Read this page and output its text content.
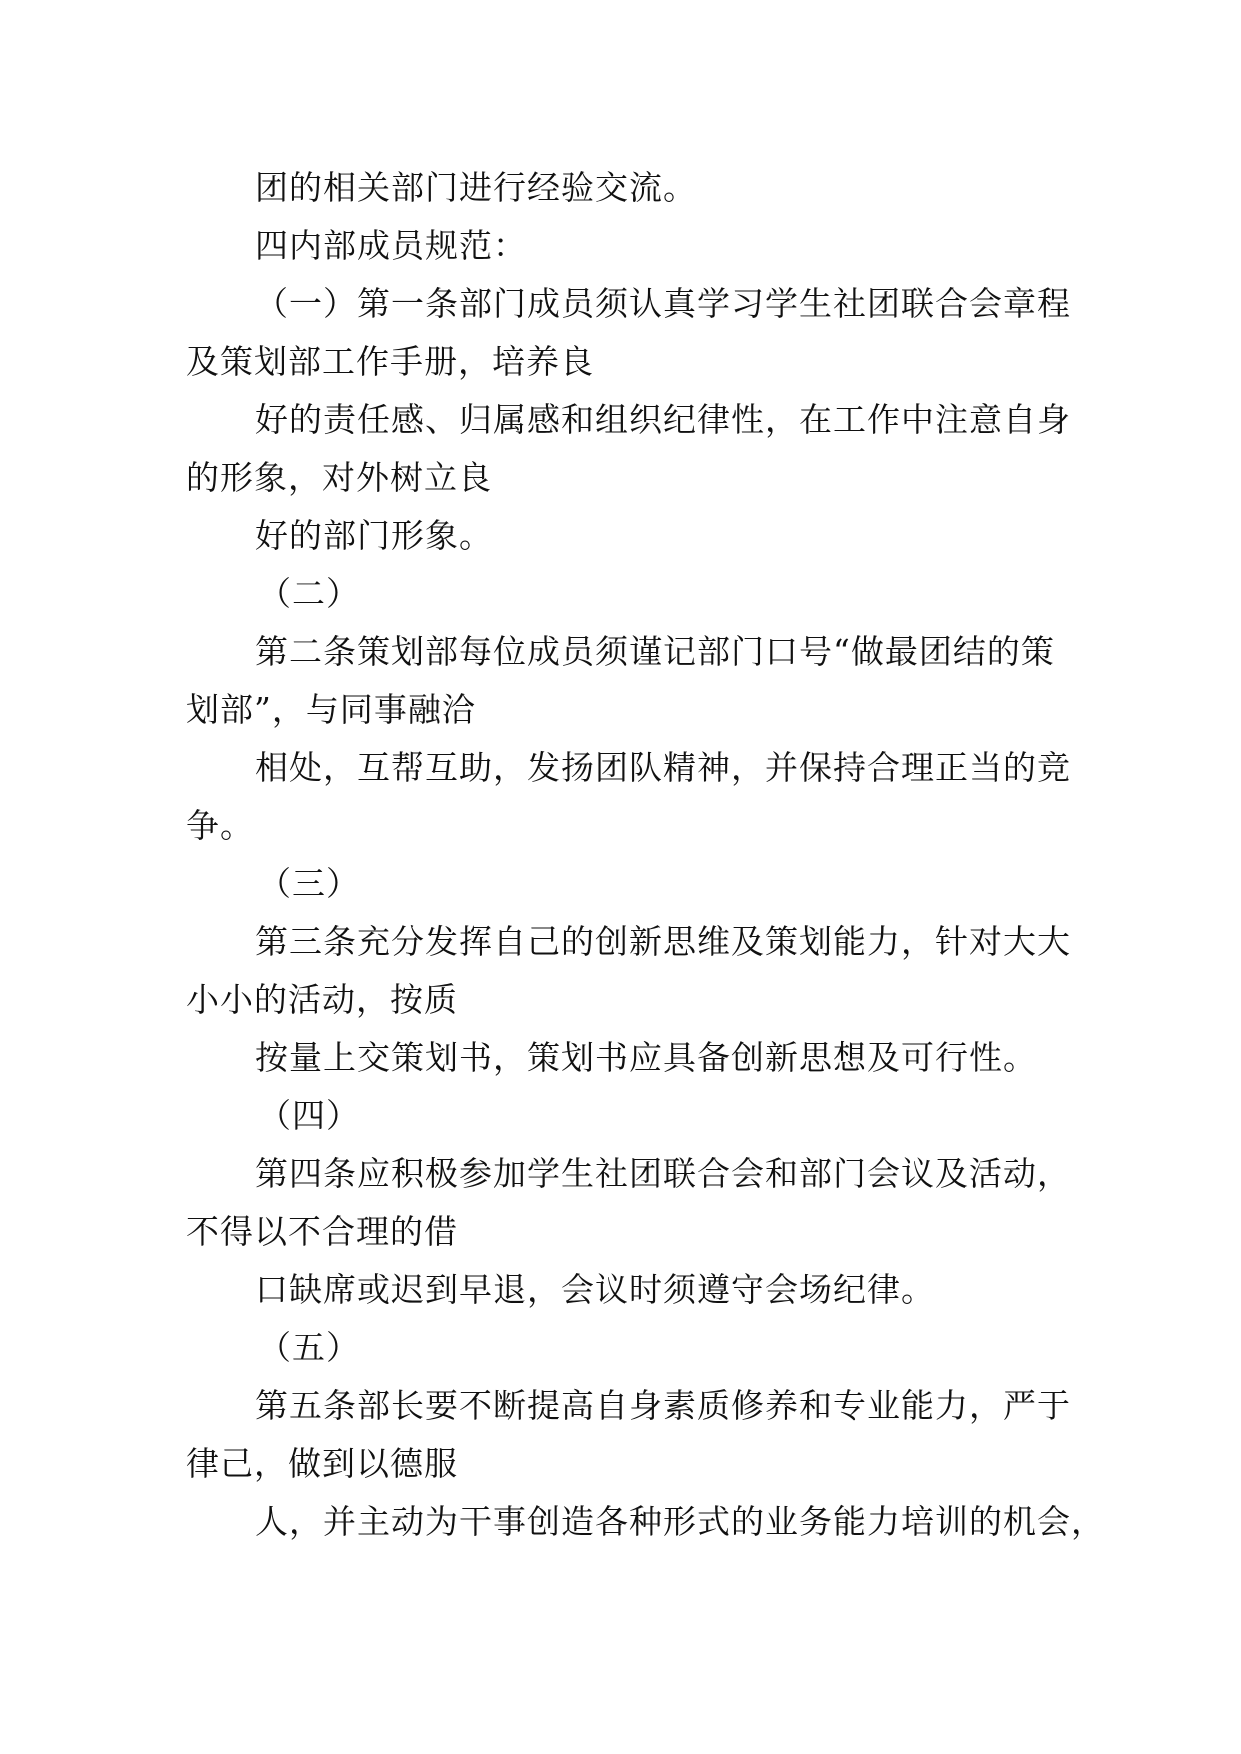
团的相关部门进行经验交流。
四内部成员规范：
（一）第一条部门成员须认真学习学生社团联合会章程
及策划部工作手册，培养良
好的责任感、归属感和组织纪律性，在工作中注意自身
的形象，对外树立良
好的部门形象。
（二）
第二条策划部每位成员须谨记部门口号“做最团结的策
划部”，与同事融洽
相处，互帮互助，发扬团队精神，并保持合理正当的竞
争。
（三）
第三条充分发挥自己的创新思维及策划能力，针对大大
小小的活动，按质
按量上交策划书，策划书应具备创新思想及可行性。
（四）
第四条应积极参加学生社团联合会和部门会议及活动，
不得以不合理的借
口缺席或迟到早退，会议时须遵守会场纪律。
（五）
第五条部长要不断提高自身素质修养和专业能力，严于
律己，做到以德服
人，并主动为干事创造各种形式的业务能力培训的机会，
